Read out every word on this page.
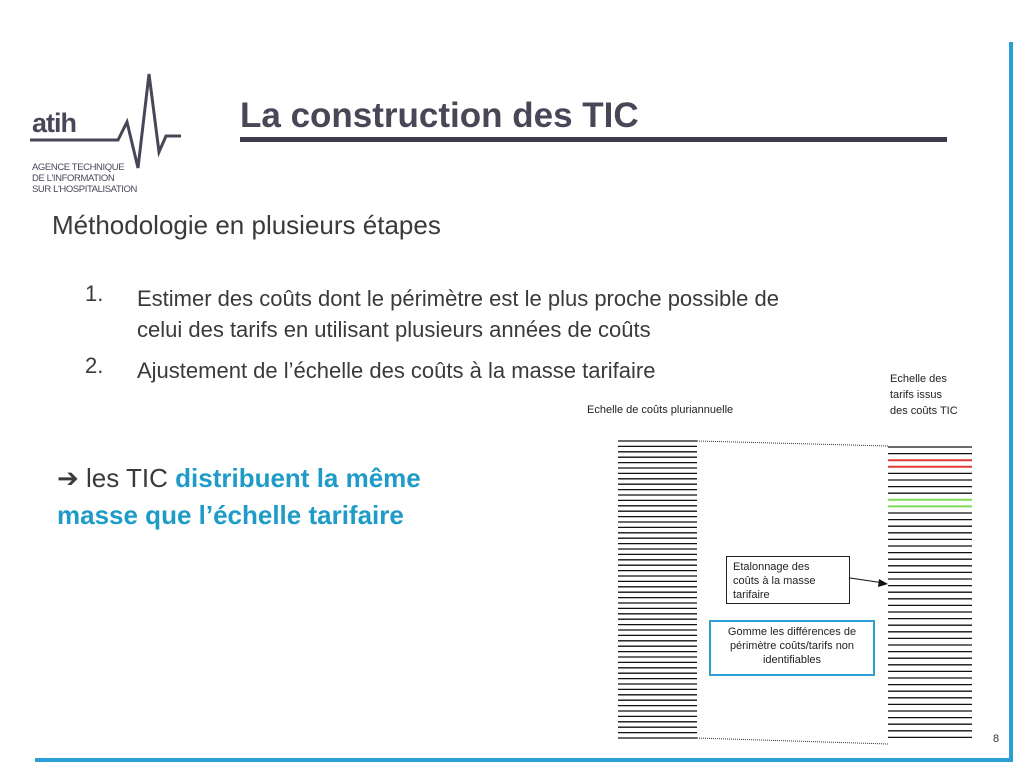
atih
AGENCE TECHNIQUE
DE L'INFORMATION
SUR L'HOSPITALISATION
La construction des TIC
Méthodologie en plusieurs étapes
1. Estimer des coûts dont le périmètre est le plus proche possible de
celui des tarifs en utilisant plusieurs années de coûts
2. Ajustement de l’échelle des coûts à la masse tarifaire
➔ les TIC distribuent la même
masse que l’échelle tarifaire
Echelle de coûts pluriannuelle
Echelle des
tarifs issus
des coûts TIC
Etalonnage des
coûts à la masse
tarifaire
Gomme les différences de
périmètre coûts/tarifs non
identifiables
8
